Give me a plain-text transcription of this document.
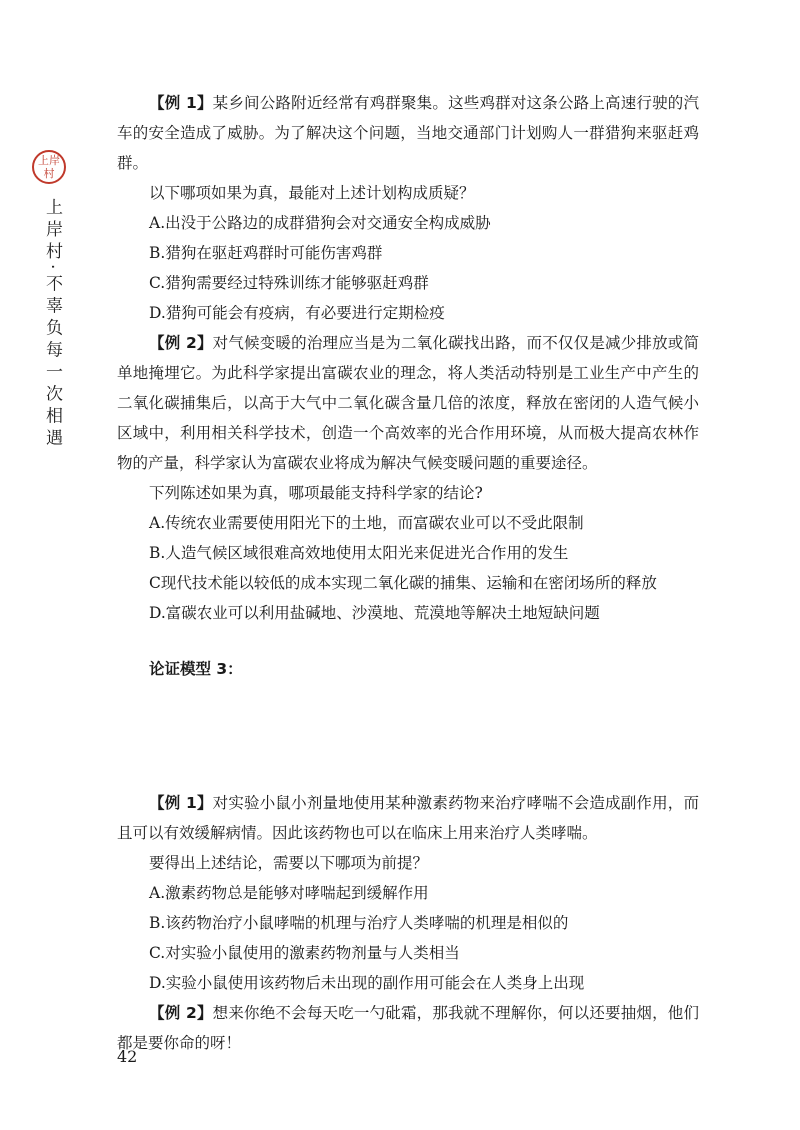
上岸村
上岸村·不辜负每一次相遇

【例 1】某乡间公路附近经常有鸡群聚集。这些鸡群对这条公路上高速行驶的汽车的安全造成了威胁。为了解决这个问题，当地交通部门计划购人一群猎狗来驱赶鸡群。

以下哪项如果为真，最能对上述计划构成质疑？

A.出没于公路边的成群猎狗会对交通安全构成威胁

B.猎狗在驱赶鸡群时可能伤害鸡群

C.猎狗需要经过特殊训练才能够驱赶鸡群

D.猎狗可能会有疫病，有必要进行定期检疫

【例 2】对气候变暖的治理应当是为二氧化碳找出路，而不仅仅是减少排放或简单地掩埋它。为此科学家提出富碳农业的理念，将人类活动特别是工业生产中产生的二氧化碳捕集后，以高于大气中二氧化碳含量几倍的浓度，释放在密闭的人造气候小区域中，利用相关科学技术，创造一个高效率的光合作用环境，从而极大提高农林作物的产量，科学家认为富碳农业将成为解决气候变暖问题的重要途径。

下列陈述如果为真，哪项最能支持科学家的结论?

A.传统农业需要使用阳光下的土地，而富碳农业可以不受此限制

B.人造气候区域很难高效地使用太阳光来促进光合作用的发生

C现代技术能以较低的成本实现二氧化碳的捕集、运输和在密闭场所的释放

D.富碳农业可以利用盐碱地、沙漠地、荒漠地等解决土地短缺问题

论证模型 3：

【例 1】对实验小鼠小剂量地使用某种激素药物来治疗哮喘不会造成副作用，而且可以有效缓解病情。因此该药物也可以在临床上用来治疗人类哮喘。

要得出上述结论，需要以下哪项为前提？

A.激素药物总是能够对哮喘起到缓解作用

B.该药物治疗小鼠哮喘的机理与治疗人类哮喘的机理是相似的

C.对实验小鼠使用的激素药物剂量与人类相当

D.实验小鼠使用该药物后未出现的副作用可能会在人类身上出现

【例 2】想来你绝不会每天吃一勺砒霜，那我就不理解你，何以还要抽烟，他们都是要你命的呀！

42
